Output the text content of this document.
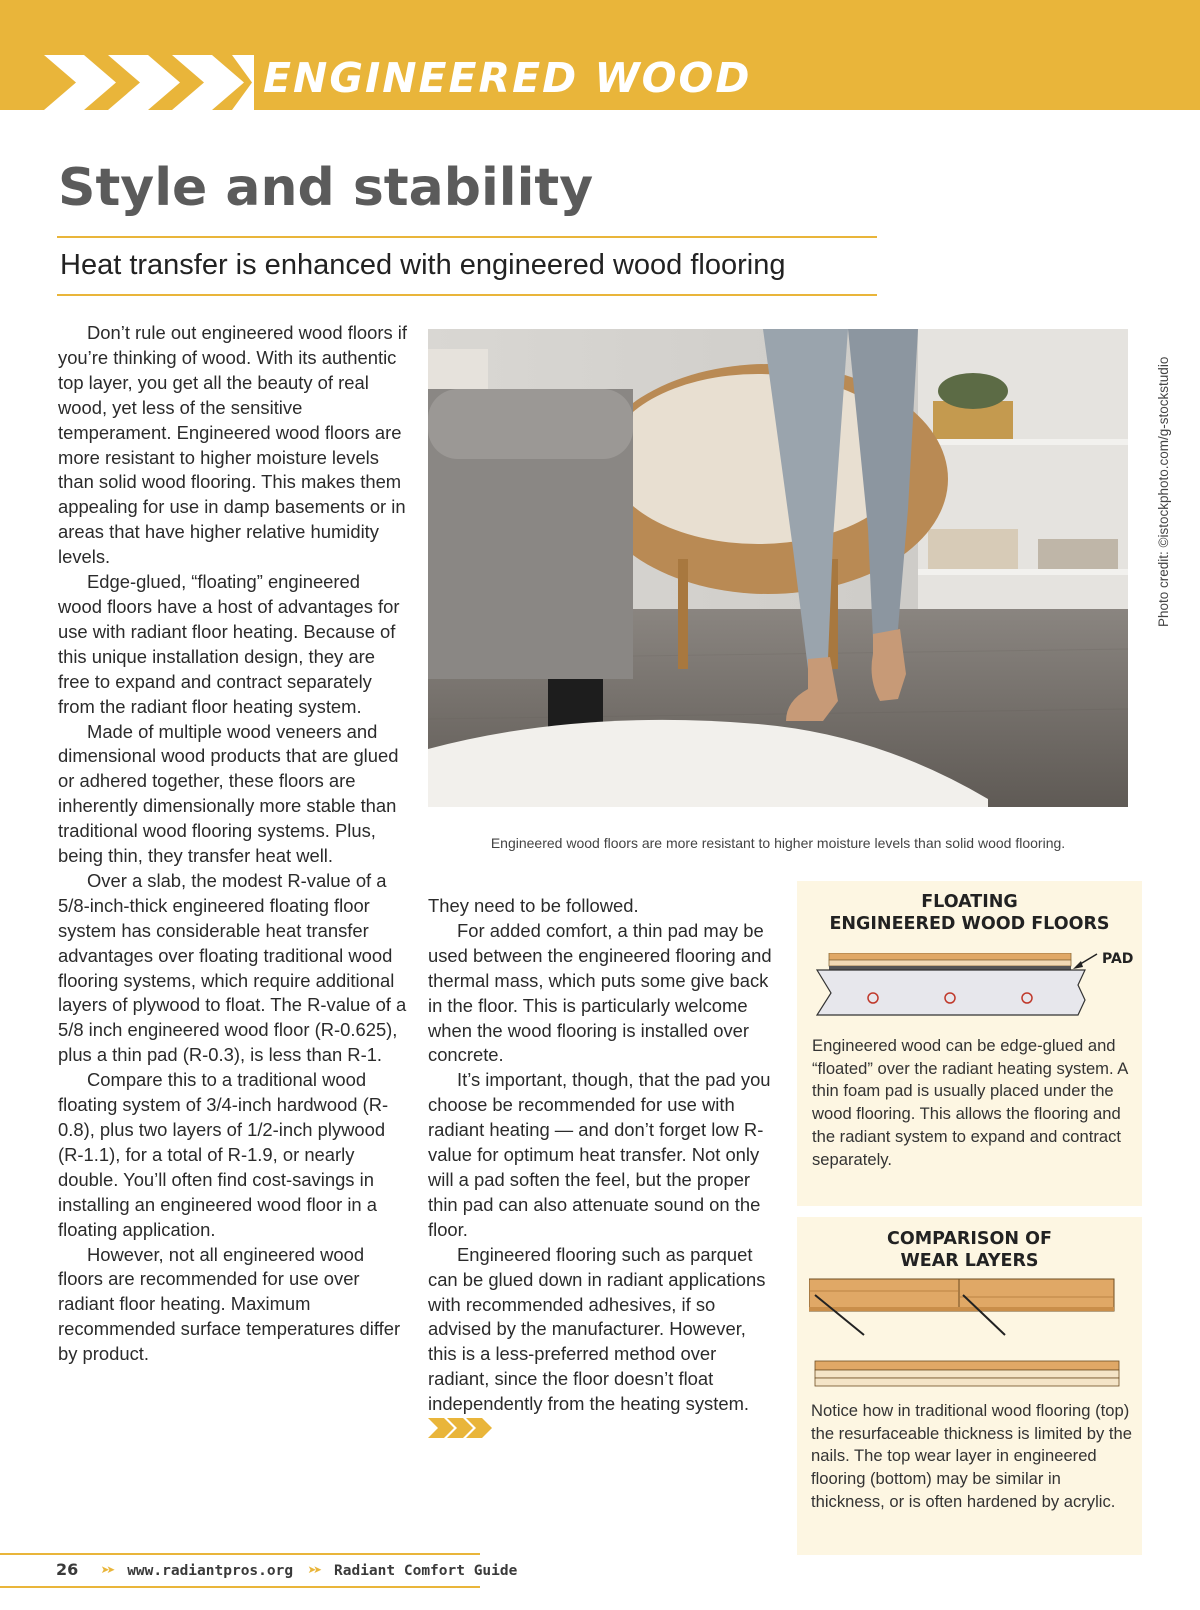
ENGINEERED WOOD
Style and stability
Heat transfer is enhanced with engineered wood flooring

Don’t rule out engineered wood floors if you’re thinking of wood. With its authentic top layer, you get all the beauty of real wood, yet less of the sensitive temperament. Engineered wood floors are more resistant to higher moisture levels than solid wood flooring. This makes them appealing for use in damp basements or in areas that have higher relative humidity levels.

Edge-glued, “floating” engineered wood floors have a host of advantages for use with radiant floor heating. Because of this unique installation design, they are free to expand and contract separately from the radiant floor heating system.

Made of multiple wood veneers and dimensional wood products that are glued or adhered together, these floors are inherently dimensionally more stable than traditional wood flooring systems. Plus, being thin, they transfer heat well.

Over a slab, the modest R-value of a 5/8-inch-thick engineered floating floor system has considerable heat transfer advantages over floating traditional wood flooring systems, which require additional layers of plywood to float. The R-value of a 5/8 inch engineered wood floor (R-0.625), plus a thin pad (R-0.3), is less than R-1.

Compare this to a traditional wood floating system of 3/4-inch hardwood (R-0.8), plus two layers of 1/2-inch plywood (R-1.1), for a total of R-1.9, or nearly double. You’ll often find cost-savings in installing an engineered wood floor in a floating application.

However, not all engineered wood floors are recommended for use over radiant floor heating. Maximum recommended surface temperatures differ by product.

Photo credit: ©istockphoto.com/g-stockstudio
Engineered wood floors are more resistant to higher moisture levels than solid wood flooring.

They need to be followed.

For added comfort, a thin pad may be used between the engineered flooring and thermal mass, which puts some give back in the floor. This is particularly welcome when the wood flooring is installed over concrete.

It’s important, though, that the pad you choose be recommended for use with radiant heating — and don’t forget low R-value for optimum heat transfer. Not only will a pad soften the feel, but the proper thin pad can also attenuate sound on the floor.

Engineered flooring such as parquet can be glued down in radiant applications with recommended adhesives, if so advised by the manufacturer. However, this is a less-preferred method over radiant, since the floor doesn’t float independently from the heating system.

FLOATING
ENGINEERED WOOD FLOORS
PAD
Engineered wood can be edge-glued and “floated” over the radiant heating system. A thin foam pad is usually placed under the wood flooring. This allows the flooring and the radiant system to expand and contract separately.
COMPARISON OF
WEAR LAYERS
Notice how in traditional wood flooring (top) the resurfaceable thickness is limited by the nails. The top wear layer in engineered flooring (bottom) may be similar in thickness, or is often hardened by acrylic.
26 ➤➤ www.radiantpros.org ➤➤ Radiant Comfort Guide
